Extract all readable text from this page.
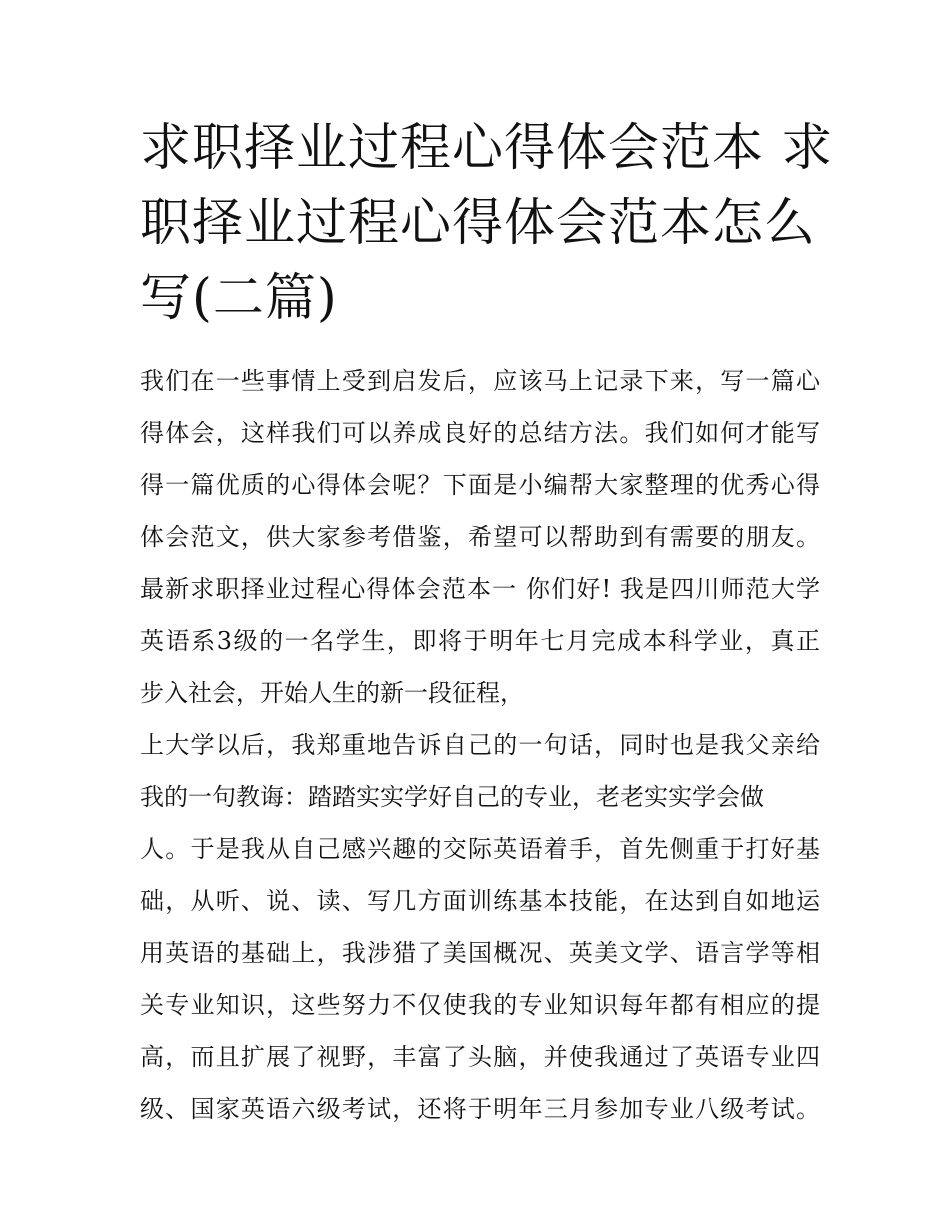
求职择业过程心得体会范本 求
职择业过程心得体会范本怎么
写(二篇)
我们在一些事情上受到启发后，应该马上记录下来，写一篇心
得体会，这样我们可以养成良好的总结方法。我们如何才能写
得一篇优质的心得体会呢？下面是小编帮大家整理的优秀心得
体会范文，供大家参考借鉴，希望可以帮助到有需要的朋友。
最新求职择业过程心得体会范本一 你们好! 我是四川师范大学
英语系3级的一名学生，即将于明年七月完成本科学业，真正
步入社会，开始人生的新一段征程，
上大学以后，我郑重地告诉自己的一句话，同时也是我父亲给
我的一句教诲：踏踏实实学好自己的专业，老老实实学会做
人。于是我从自己感兴趣的交际英语着手，首先侧重于打好基
础，从听、说、读、写几方面训练基本技能，在达到自如地运
用英语的基础上，我涉猎了美国概况、英美文学、语言学等相
关专业知识，这些努力不仅使我的专业知识每年都有相应的提
高，而且扩展了视野，丰富了头脑，并使我通过了英语专业四
级、国家英语六级考试，还将于明年三月参加专业八级考试。
